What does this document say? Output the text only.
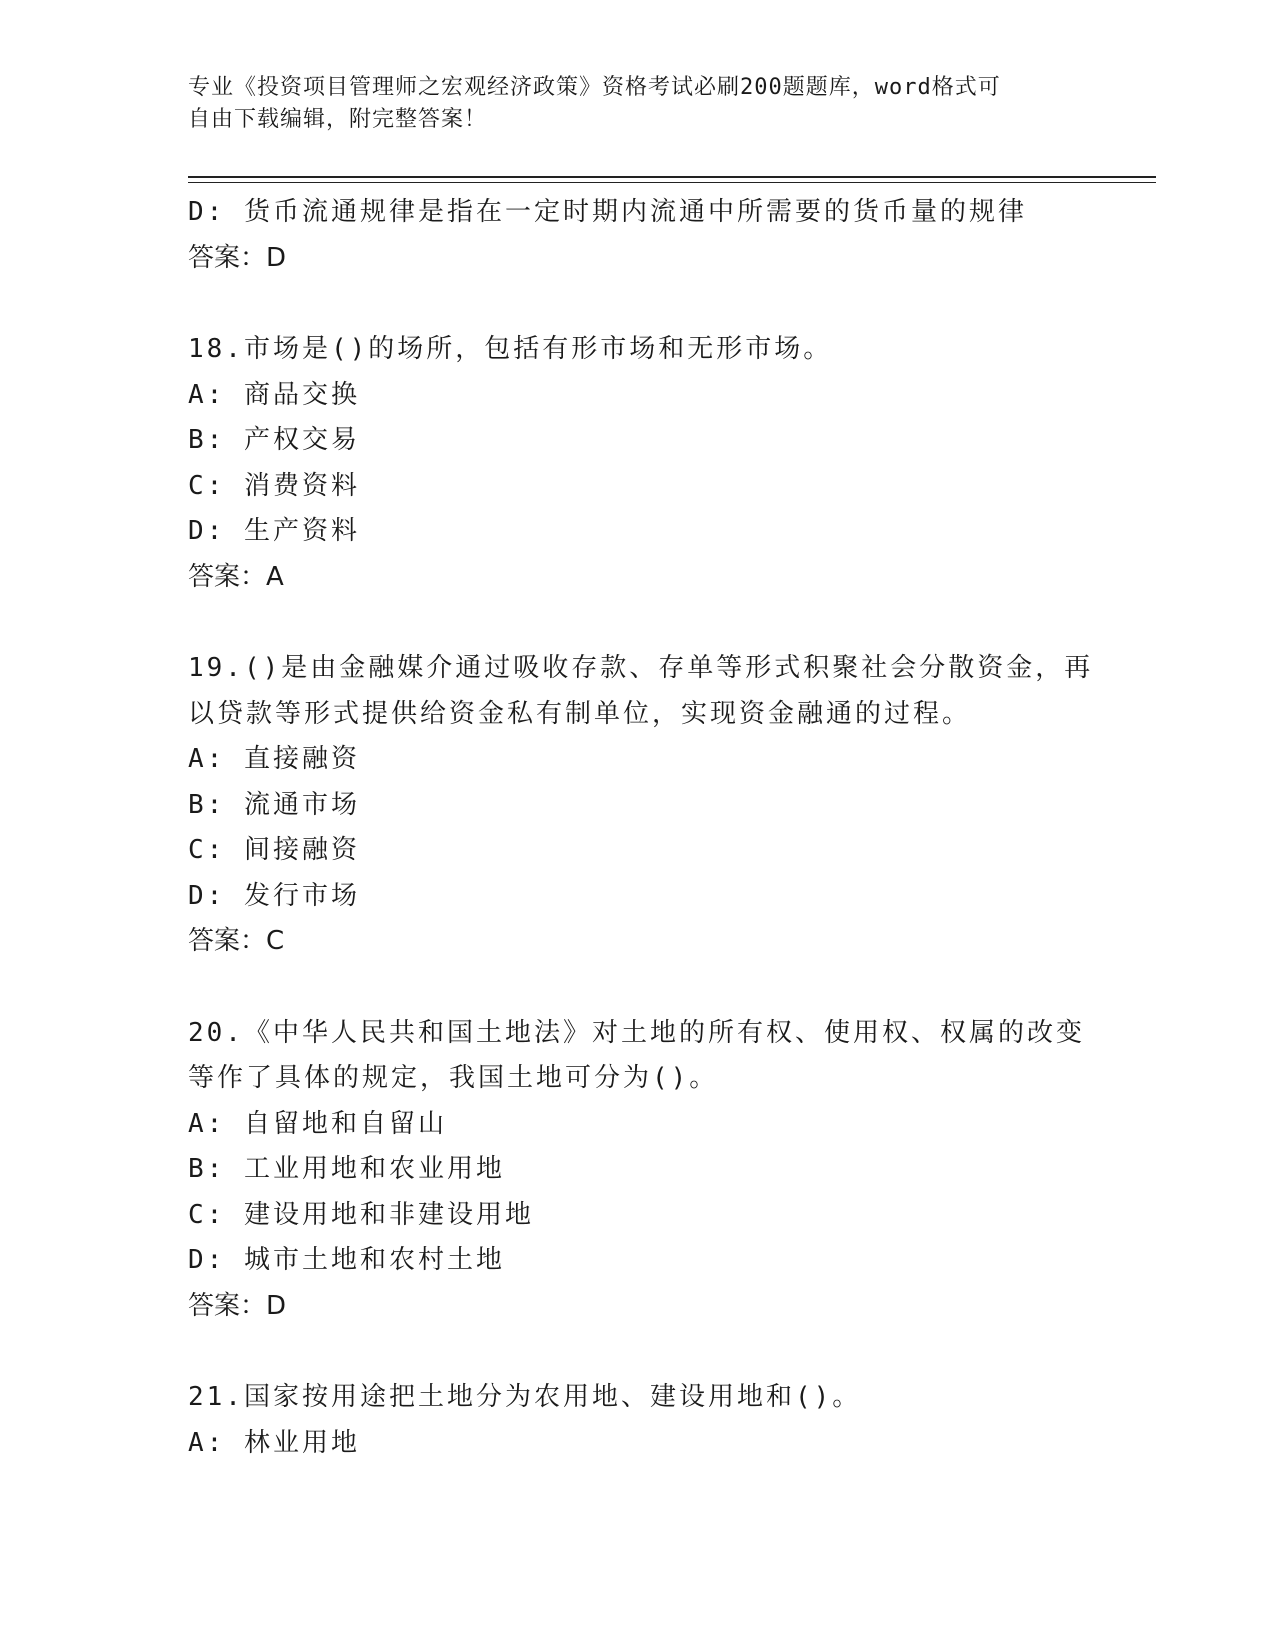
专业《投资项目管理师之宏观经济政策》资格考试必刷200题题库，word格式可
自由下载编辑，附完整答案！
D: 货币流通规律是指在一定时期内流通中所需要的货币量的规律
答案：D
18.市场是()的场所，包括有形市场和无形市场。
A: 商品交换
B: 产权交易
C: 消费资料
D: 生产资料
答案：A
19.()是由金融媒介通过吸收存款、存单等形式积聚社会分散资金，再
以贷款等形式提供给资金私有制单位，实现资金融通的过程。
A: 直接融资
B: 流通市场
C: 间接融资
D: 发行市场
答案：C
20.《中华人民共和国土地法》对土地的所有权、使用权、权属的改变
等作了具体的规定，我国土地可分为()。
A: 自留地和自留山
B: 工业用地和农业用地
C: 建设用地和非建设用地
D: 城市土地和农村土地
答案：D
21.国家按用途把土地分为农用地、建设用地和()。
A: 林业用地
